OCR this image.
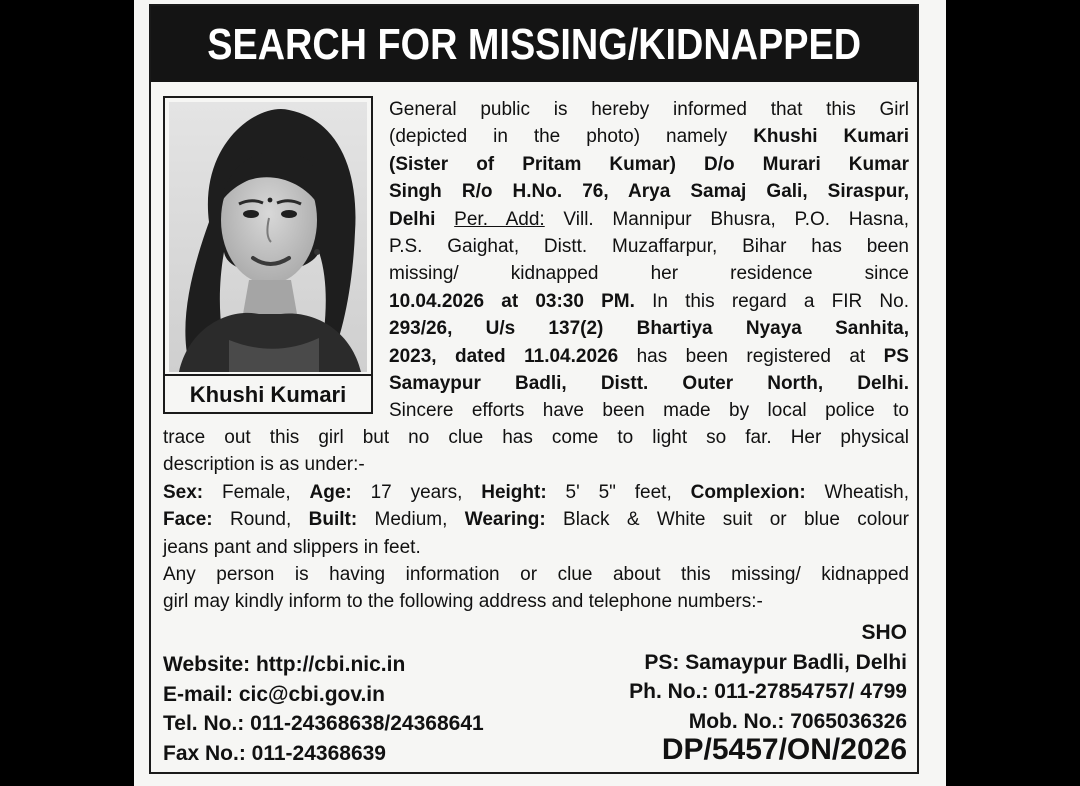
SEARCH FOR MISSING/KIDNAPPED
Khushi Kumari
General public is hereby informed that this Girl
(depicted in the photo) namely Khushi Kumari
(Sister of Pritam Kumar) D/o Murari Kumar
Singh R/o H.No. 76, Arya Samaj Gali, Siraspur,
Delhi Per. Add: Vill. Mannipur Bhusra, P.O. Hasna,
P.S. Gaighat, Distt. Muzaffarpur, Bihar has been
missing/ kidnapped her residence since
10.04.2026 at 03:30 PM. In this regard a FIR No.
293/26, U/s 137(2) Bhartiya Nyaya Sanhita,
2023, dated 11.04.2026 has been registered at PS
Samaypur Badli, Distt. Outer North, Delhi.
Sincere efforts have been made by local police to
trace out this girl but no clue has come to light so far. Her physical
description is as under:-
Sex: Female, Age: 17 years, Height: 5' 5" feet, Complexion: Wheatish,
Face: Round, Built: Medium, Wearing: Black & White suit or blue colour
jeans pant and slippers in feet.
Any person is having information or clue about this missing/ kidnapped
girl may kindly inform to the following address and telephone numbers:-
Website: http://cbi.nic.in
E-mail: cic@cbi.gov.in
Tel. No.: 011-24368638/24368641
Fax No.: 011-24368639
SHO
PS: Samaypur Badli, Delhi
Ph. No.: 011-27854757/ 4799
Mob. No.: 7065036326
DP/5457/ON/2026
